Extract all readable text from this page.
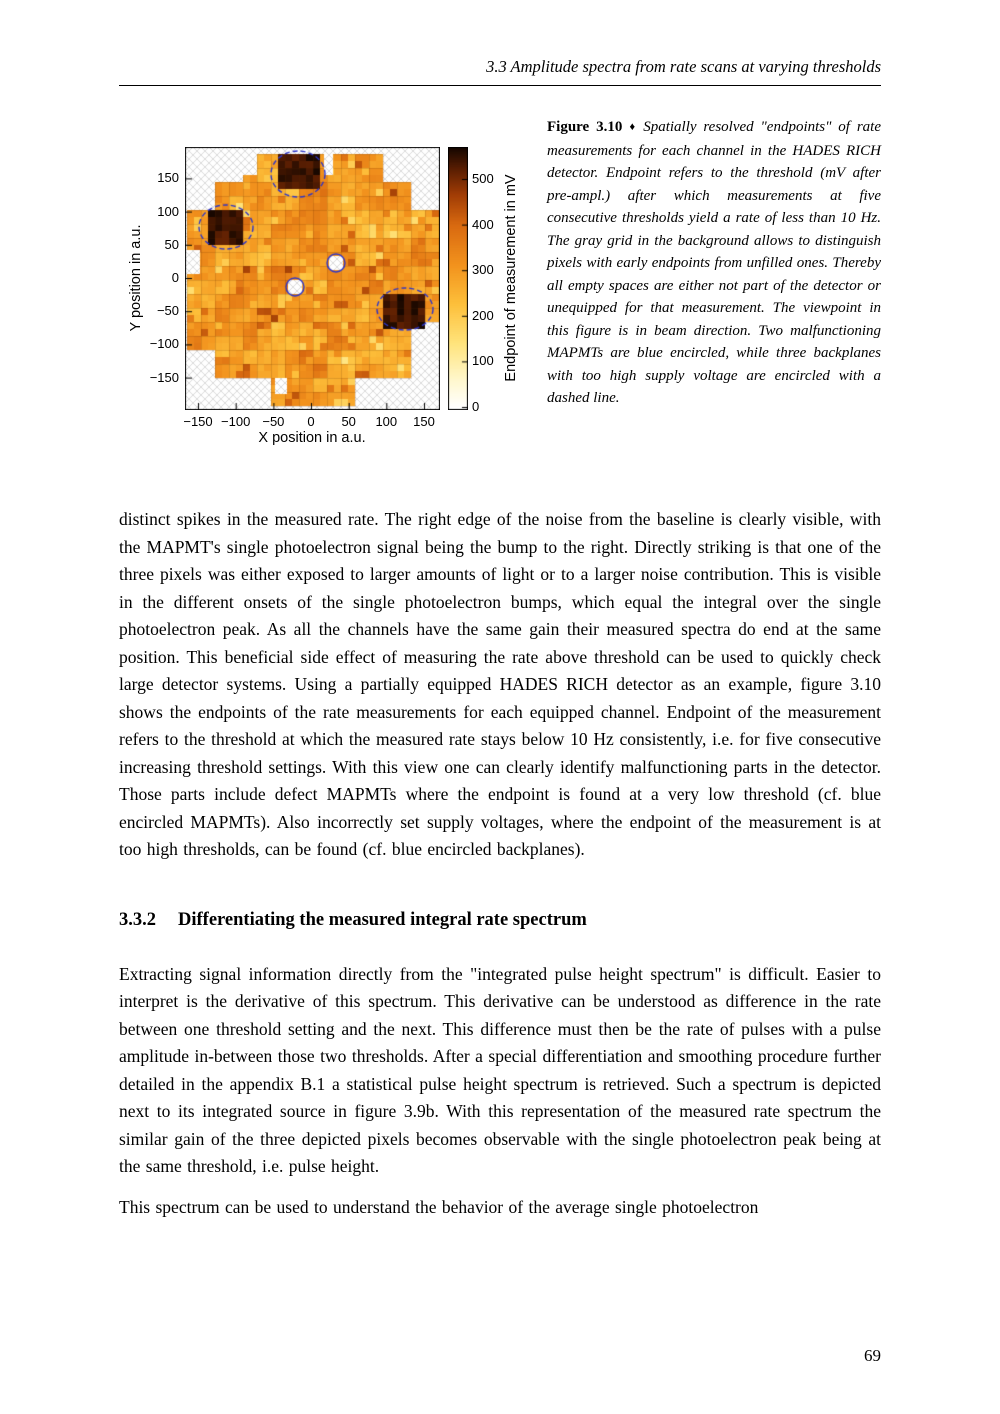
3.3 Amplitude spectra from rate scans at varying thresholds
Y position in a.u.
X position in a.u.
Endpoint of measurement in mV
−150 −100 −50 0 50 100 150
150
100
50
0
−50
−100
−150
500
400
300
200
100
0
Figure 3.10 ♦ Spatially resolved "endpoints" of rate measurements for each channel in the HADES RICH detector. Endpoint refers to the threshold (mV after pre-ampl.) after which measurements at five consecutive thresholds yield a rate of less than 10 Hz. The gray grid in the background allows to distinguish pixels with early endpoints from unfilled ones. Thereby all empty spaces are either not part of the detector or unequipped for that measurement. The viewpoint in this figure is in beam direction. Two malfunctioning MAPMTs are blue encircled, while three backplanes with too high supply voltage are encircled with a dashed line.

distinct spikes in the measured rate. The right edge of the noise from the baseline is clearly visible, with the MAPMT's single photoelectron signal being the bump to the right. Directly striking is that one of the three pixels was either exposed to larger amounts of light or to a larger noise contribution. This is visible in the different onsets of the single photoelectron bumps, which equal the integral over the single photoelectron peak. As all the channels have the same gain their measured spectra do end at the same position. This beneficial side effect of measuring the rate above threshold can be used to quickly check large detector systems. Using a partially equipped HADES RICH detector as an example, figure 3.10 shows the endpoints of the rate measurements for each equipped channel. Endpoint of the measurement refers to the threshold at which the measured rate stays below 10 Hz consistently, i.e. for five consecutive increasing threshold settings. With this view one can clearly identify malfunctioning parts in the detector. Those parts include defect MAPMTs where the endpoint is found at a very low threshold (cf. blue encircled MAPMTs). Also incorrectly set supply voltages, where the endpoint of the measurement is at too high thresholds, can be found (cf. blue encircled backplanes).

3.3.2 Differentiating the measured integral rate spectrum

Extracting signal information directly from the "integrated pulse height spectrum" is difficult. Easier to interpret is the derivative of this spectrum. This derivative can be understood as difference in the rate between one threshold setting and the next. This difference must then be the rate of pulses with a pulse amplitude in-between those two thresholds. After a special differentiation and smoothing procedure further detailed in the appendix B.1 a statistical pulse height spectrum is retrieved. Such a spectrum is depicted next to its integrated source in figure 3.9b. With this representation of the measured rate spectrum the similar gain of the three depicted pixels becomes observable with the single photoelectron peak being at the same threshold, i.e. pulse height.

This spectrum can be used to understand the behavior of the average single photoelectron

69
